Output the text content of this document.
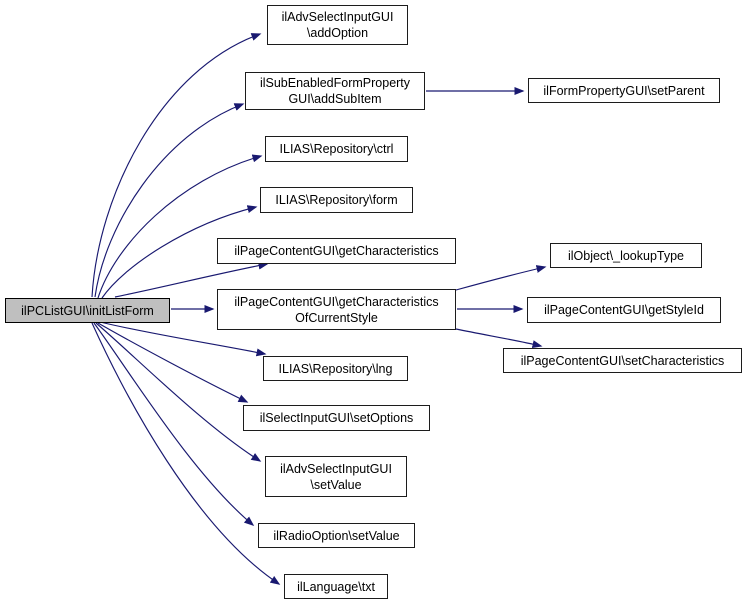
ilPCListGUI\initListForm
ilAdvSelectInputGUI
\addOption
ilSubEnabledFormProperty
GUI\addSubItem
ilFormPropertyGUI\setParent
ILIAS\Repository\ctrl
ILIAS\Repository\form
ilPageContentGUI\getCharacteristics
ilPageContentGUI\getCharacteristics
OfCurrentStyle
ilObject\_lookupType
ilPageContentGUI\getStyleId
ilPageContentGUI\setCharacteristics
ILIAS\Repository\lng
ilSelectInputGUI\setOptions
ilAdvSelectInputGUI
\setValue
ilRadioOption\setValue
ilLanguage\txt
